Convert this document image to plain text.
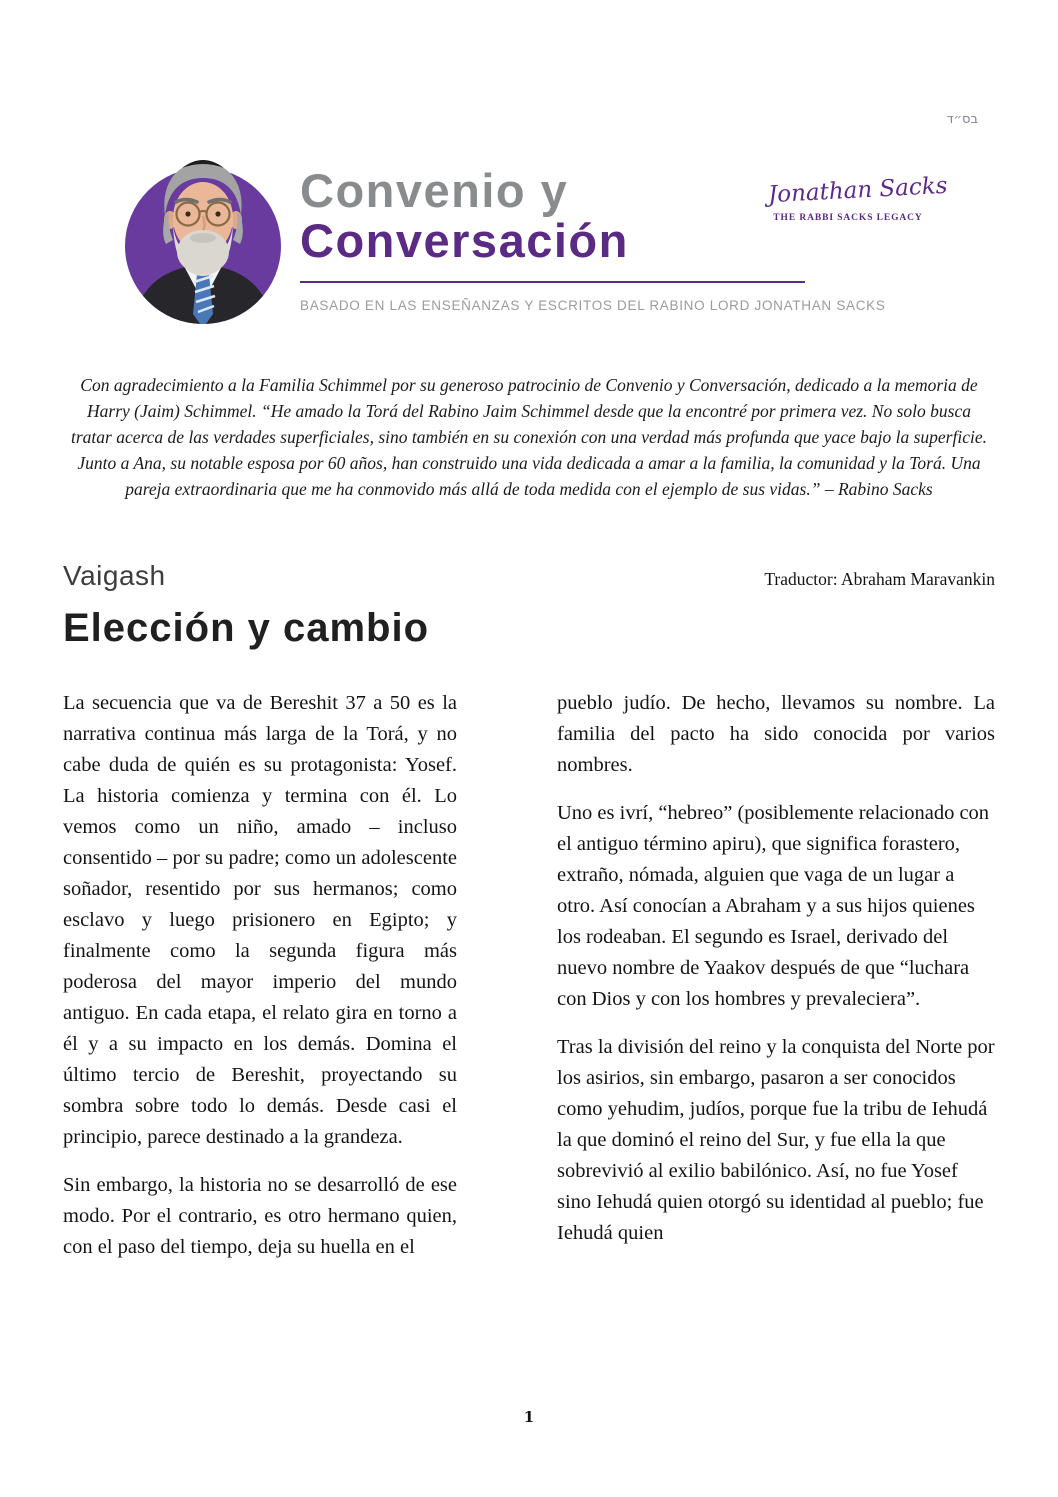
בס״ד
Convenio y
Conversación
BASADO EN LAS ENSEÑANZAS Y ESCRITOS DEL RABINO LORD JONATHAN SACKS
Jonathan Sacks
THE RABBI SACKS LEGACY

Con agradecimiento a la Familia Schimmel por su generoso patrocinio de Convenio y Conversación, dedicado a la memoria de Harry (Jaim) Schimmel. “He amado la Torá del Rabino Jaim Schimmel desde que la encontré por primera vez. No solo busca tratar acerca de las verdades superficiales, sino también en su conexión con una verdad más profunda que yace bajo la superficie. Junto a Ana, su notable esposa por 60 años, han construido una vida dedicada a amar a la familia, la comunidad y la Torá. Una pareja extraordinaria que me ha conmovido más allá de toda medida con el ejemplo de sus vidas.” – Rabino Sacks

Vaigash	Traductor: Abraham Maravankin
Elección y cambio

La secuencia que va de Bereshit 37 a 50 es la narrativa continua más larga de la Torá, y no cabe duda de quién es su protagonista: Yosef. La historia comienza y termina con él. Lo vemos como un niño, amado – incluso consentido – por su padre; como un adolescente soñador, resentido por sus hermanos; como esclavo y luego prisionero en Egipto; y finalmente como la segunda figura más poderosa del mayor imperio del mundo antiguo. En cada etapa, el relato gira en torno a él y a su impacto en los demás. Domina el último tercio de Bereshit, proyectando su sombra sobre todo lo demás. Desde casi el principio, parece destinado a la grandeza.

Sin embargo, la historia no se desarrolló de ese modo. Por el contrario, es otro hermano quien, con el paso del tiempo, deja su huella en el

pueblo judío. De hecho, llevamos su nombre. La familia del pacto ha sido conocida por varios nombres.

Uno es ivrí, “hebreo” (posiblemente relacionado con el antiguo término apiru), que significa forastero, extraño, nómada, alguien que vaga de un lugar a otro. Así conocían a Abraham y a sus hijos quienes los rodeaban. El segundo es Israel, derivado del nuevo nombre de Yaakov después de que “luchara con Dios y con los hombres y prevaleciera”.

Tras la división del reino y la conquista del Norte por los asirios, sin embargo, pasaron a ser conocidos como yehudim, judíos, porque fue la tribu de Iehudá la que dominó el reino del Sur, y fue ella la que sobrevivió al exilio babilónico. Así, no fue Yosef sino Iehudá quien otorgó su identidad al pueblo; fue Iehudá quien

1
